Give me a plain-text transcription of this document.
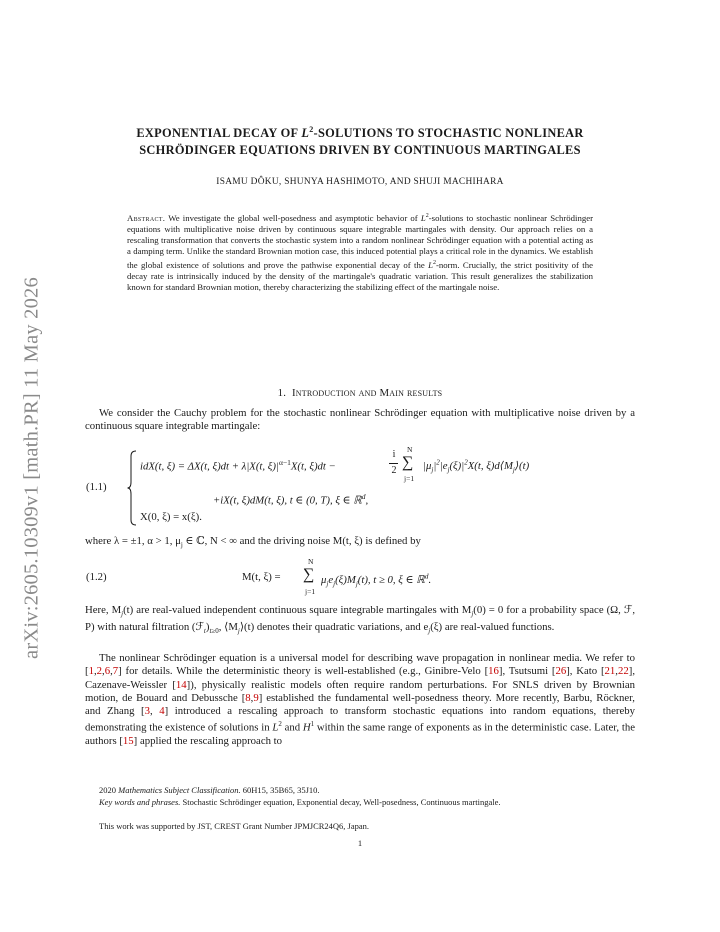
arXiv:2605.10309v1 [math.PR] 11 May 2026
EXPONENTIAL DECAY OF $L^2$-SOLUTIONS TO STOCHASTIC NONLINEAR
SCHRÖDINGER EQUATIONS DRIVEN BY CONTINUOUS MARTINGALES
ISAMU DÔKU, SHUNYA HASHIMOTO, AND SHUJI MACHIHARA
Abstract. We investigate the global well-posedness and asymptotic behavior of $L^2$-solutions to stochastic nonlinear Schrödinger equations with multiplicative noise driven by continuous square integrable martingales with density. Our approach relies on a rescaling transformation that converts the stochastic system into a random nonlinear Schrödinger equation with a potential acting as a damping term. Unlike the standard Brownian motion case, this induced potential plays a critical role in the dynamics. We establish the global existence of solutions and prove the pathwise exponential decay of the $L^2$-norm. Crucially, the strict positivity of the decay rate is intrinsically induced by the density of the martingale's quadratic variation. This result generalizes the stabilization known for standard Brownian motion, thereby characterizing the stabilizing effect of the martingale noise.
1. Introduction and Main results
We consider the Cauchy problem for the stochastic nonlinear Schrödinger equation with multiplicative noise driven by a continuous square integrable martingale:
(1.1)
idX(t, ξ) = ΔX(t, ξ)dt + λ|X(t, $\xi)|^{\alpha-1}X(t$, ξ)dt −
i
2
N
∑
j=1
$|\mu_j|^2|e_j(\xi)|^2X(t$, $\xi)d⟨M_j⟩(t)$
+iX(t, ξ)dM(t, ξ), t ∈ (0, T), ξ ∈ ℝ$^d$,
X(0, ξ) = x(ξ).
where λ = ±1, α > 1, $\mu_j$ ∈ ℂ, N < ∞ and the driving noise M(t, ξ) is defined by
(1.2)	M(t, ξ) =
N
∑
j=1
$\mu_je_j(\xi)M_j(t)$, t ≥ 0, ξ ∈ ℝ$^d$.
Here, $M_j(t)$ are real-valued independent continuous square integrable martingales with $M_j(0) = 0$ for a probability space (Ω, ℱ, P) with natural filtration $(ℱ_t)_{t\ge 0}$, $⟨M_j⟩(t)$ denotes their quadratic variations, and $e_j(\xi)$ are real-valued functions.
The nonlinear Schrödinger equation is a universal model for describing wave propagation in nonlinear media. We refer to [1,2,6,7] for details. While the deterministic theory is well-established (e.g., Ginibre-Velo [16], Tsutsumi [26], Kato [21,22], Cazenave-Weissler [14]), physically realistic models often require random perturbations. For SNLS driven by Brownian motion, de Bouard and Debussche [8,9] established the fundamental well-posedness theory. More recently, Barbu, Röckner, and Zhang [3, 4] introduced a rescaling approach to transform stochastic equations into random equations, thereby demonstrating the existence of solutions in $L^2$ and $H^1$ within the same range of exponents as in the deterministic case. Later, the authors [15] applied the rescaling approach to
2020 Mathematics Subject Classification. 60H15, 35B65, 35J10.
Key words and phrases. Stochastic Schrödinger equation, Exponential decay, Well-posedness, Continuous martingale.
This work was supported by JST, CREST Grant Number JPMJCR24Q6, Japan.
1
